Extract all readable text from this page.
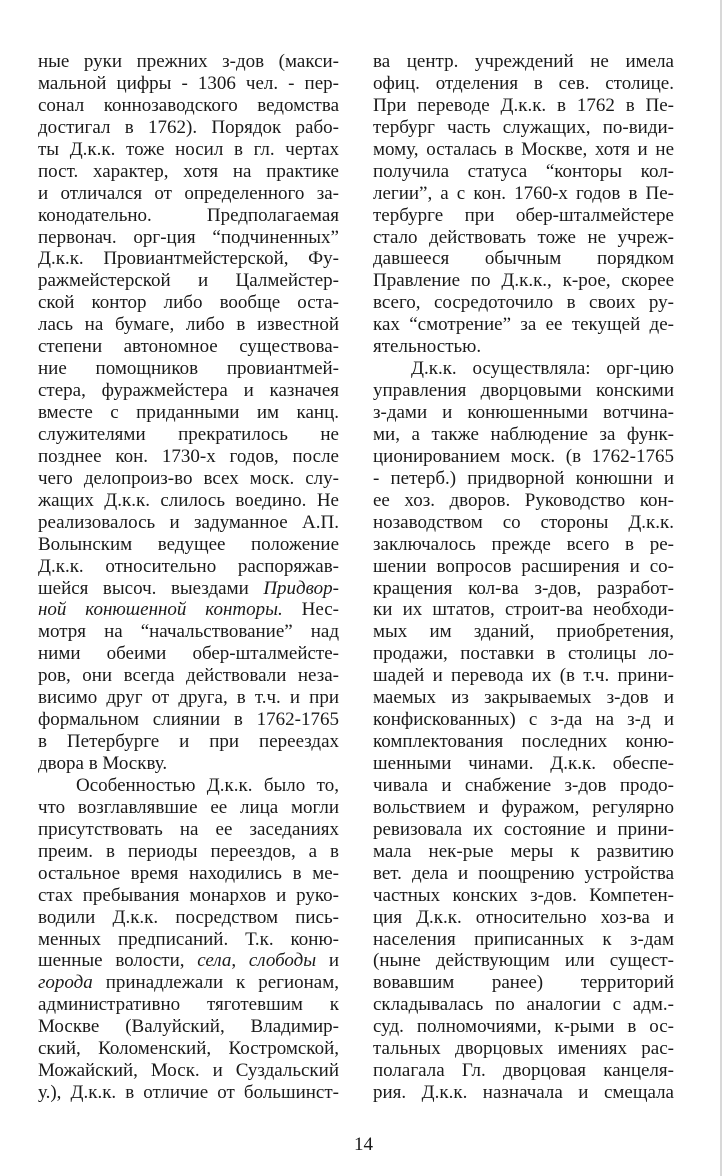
ные руки прежних з-дов (макси-
мальной цифры - 1306 чел. - пер-
сонал коннозаводского ведомства
достигал в 1762). Порядок рабо-
ты Д.к.к. тоже носил в гл. чертах
пост. характер, хотя на практике
и отличался от определенного за-
конодательно. Предполагаемая
первонач. орг-ция “подчиненных”
Д.к.к. Провиантмейстерской, Фу-
ражмейстерской и Цалмейстер-
ской контор либо вообще оста-
лась на бумаге, либо в известной
степени автономное существова-
ние помощников провиантмей-
стера, фуражмейстера и казначея
вместе с приданными им канц.
служителями прекратилось не
позднее кон. 1730-х годов, после
чего делопроиз-во всех моск. слу-
жащих Д.к.к. слилось воедино. Не
реализовалось и задуманное А.П.
Волынским ведущее положение
Д.к.к. относительно распоряжав-
шейся высоч. выездами Придвор-
ной конюшенной конторы. Нес-
мотря на “начальствование” над
ними обеими обер-шталмейсте-
ров, они всегда действовали неза-
висимо друг от друга, в т.ч. и при
формальном слиянии в 1762-1765
в Петербурге и при переездах
двора в Москву.
Особенностью Д.к.к. было то,
что возглавлявшие ее лица могли
присутствовать на ее заседаниях
преим. в периоды переездов, а в
остальное время находились в ме-
стах пребывания монархов и руко-
водили Д.к.к. посредством пись-
менных предписаний. Т.к. коню-
шенные волости, села, слободы и
города принадлежали к регионам,
административно тяготевшим к
Москве (Валуйский, Владимир-
ский, Коломенский, Костромской,
Можайский, Моск. и Суздальский
у.), Д.к.к. в отличие от большинст-
ва центр. учреждений не имела
офиц. отделения в сев. столице.
При переводе Д.к.к. в 1762 в Пе-
тербург часть служащих, по-види-
мому, осталась в Москве, хотя и не
получила статуса “конторы кол-
легии”, а с кон. 1760-х годов в Пе-
тербурге при обер-шталмейстере
стало действовать тоже не учреж-
давшееся обычным порядком
Правление по Д.к.к., к-рое, скорее
всего, сосредоточило в своих ру-
ках “смотрение” за ее текущей де-
ятельностью.
Д.к.к. осуществляла: орг-цию
управления дворцовыми конскими
з-дами и конюшенными вотчина-
ми, а также наблюдение за функ-
ционированием моск. (в 1762-1765
- петерб.) придворной конюшни и
ее хоз. дворов. Руководство кон-
нозаводством со стороны Д.к.к.
заключалось прежде всего в ре-
шении вопросов расширения и со-
кращения кол-ва з-дов, разработ-
ки их штатов, строит-ва необходи-
мых им зданий, приобретения,
продажи, поставки в столицы ло-
шадей и перевода их (в т.ч. прини-
маемых из закрываемых з-дов и
конфискованных) с з-да на з-д и
комплектования последних коню-
шенными чинами. Д.к.к. обеспе-
чивала и снабжение з-дов продо-
вольствием и фуражом, регулярно
ревизовала их состояние и прини-
мала нек-рые меры к развитию
вет. дела и поощрению устройства
частных конских з-дов. Компетен-
ция Д.к.к. относительно хоз-ва и
населения приписанных к з-дам
(ныне действующим или сущест-
вовавшим ранее) территорий
складывалась по аналогии с адм.-
суд. полномочиями, к-рыми в ос-
тальных дворцовых имениях рас-
полагала Гл. дворцовая канцеля-
рия. Д.к.к. назначала и смещала
14
